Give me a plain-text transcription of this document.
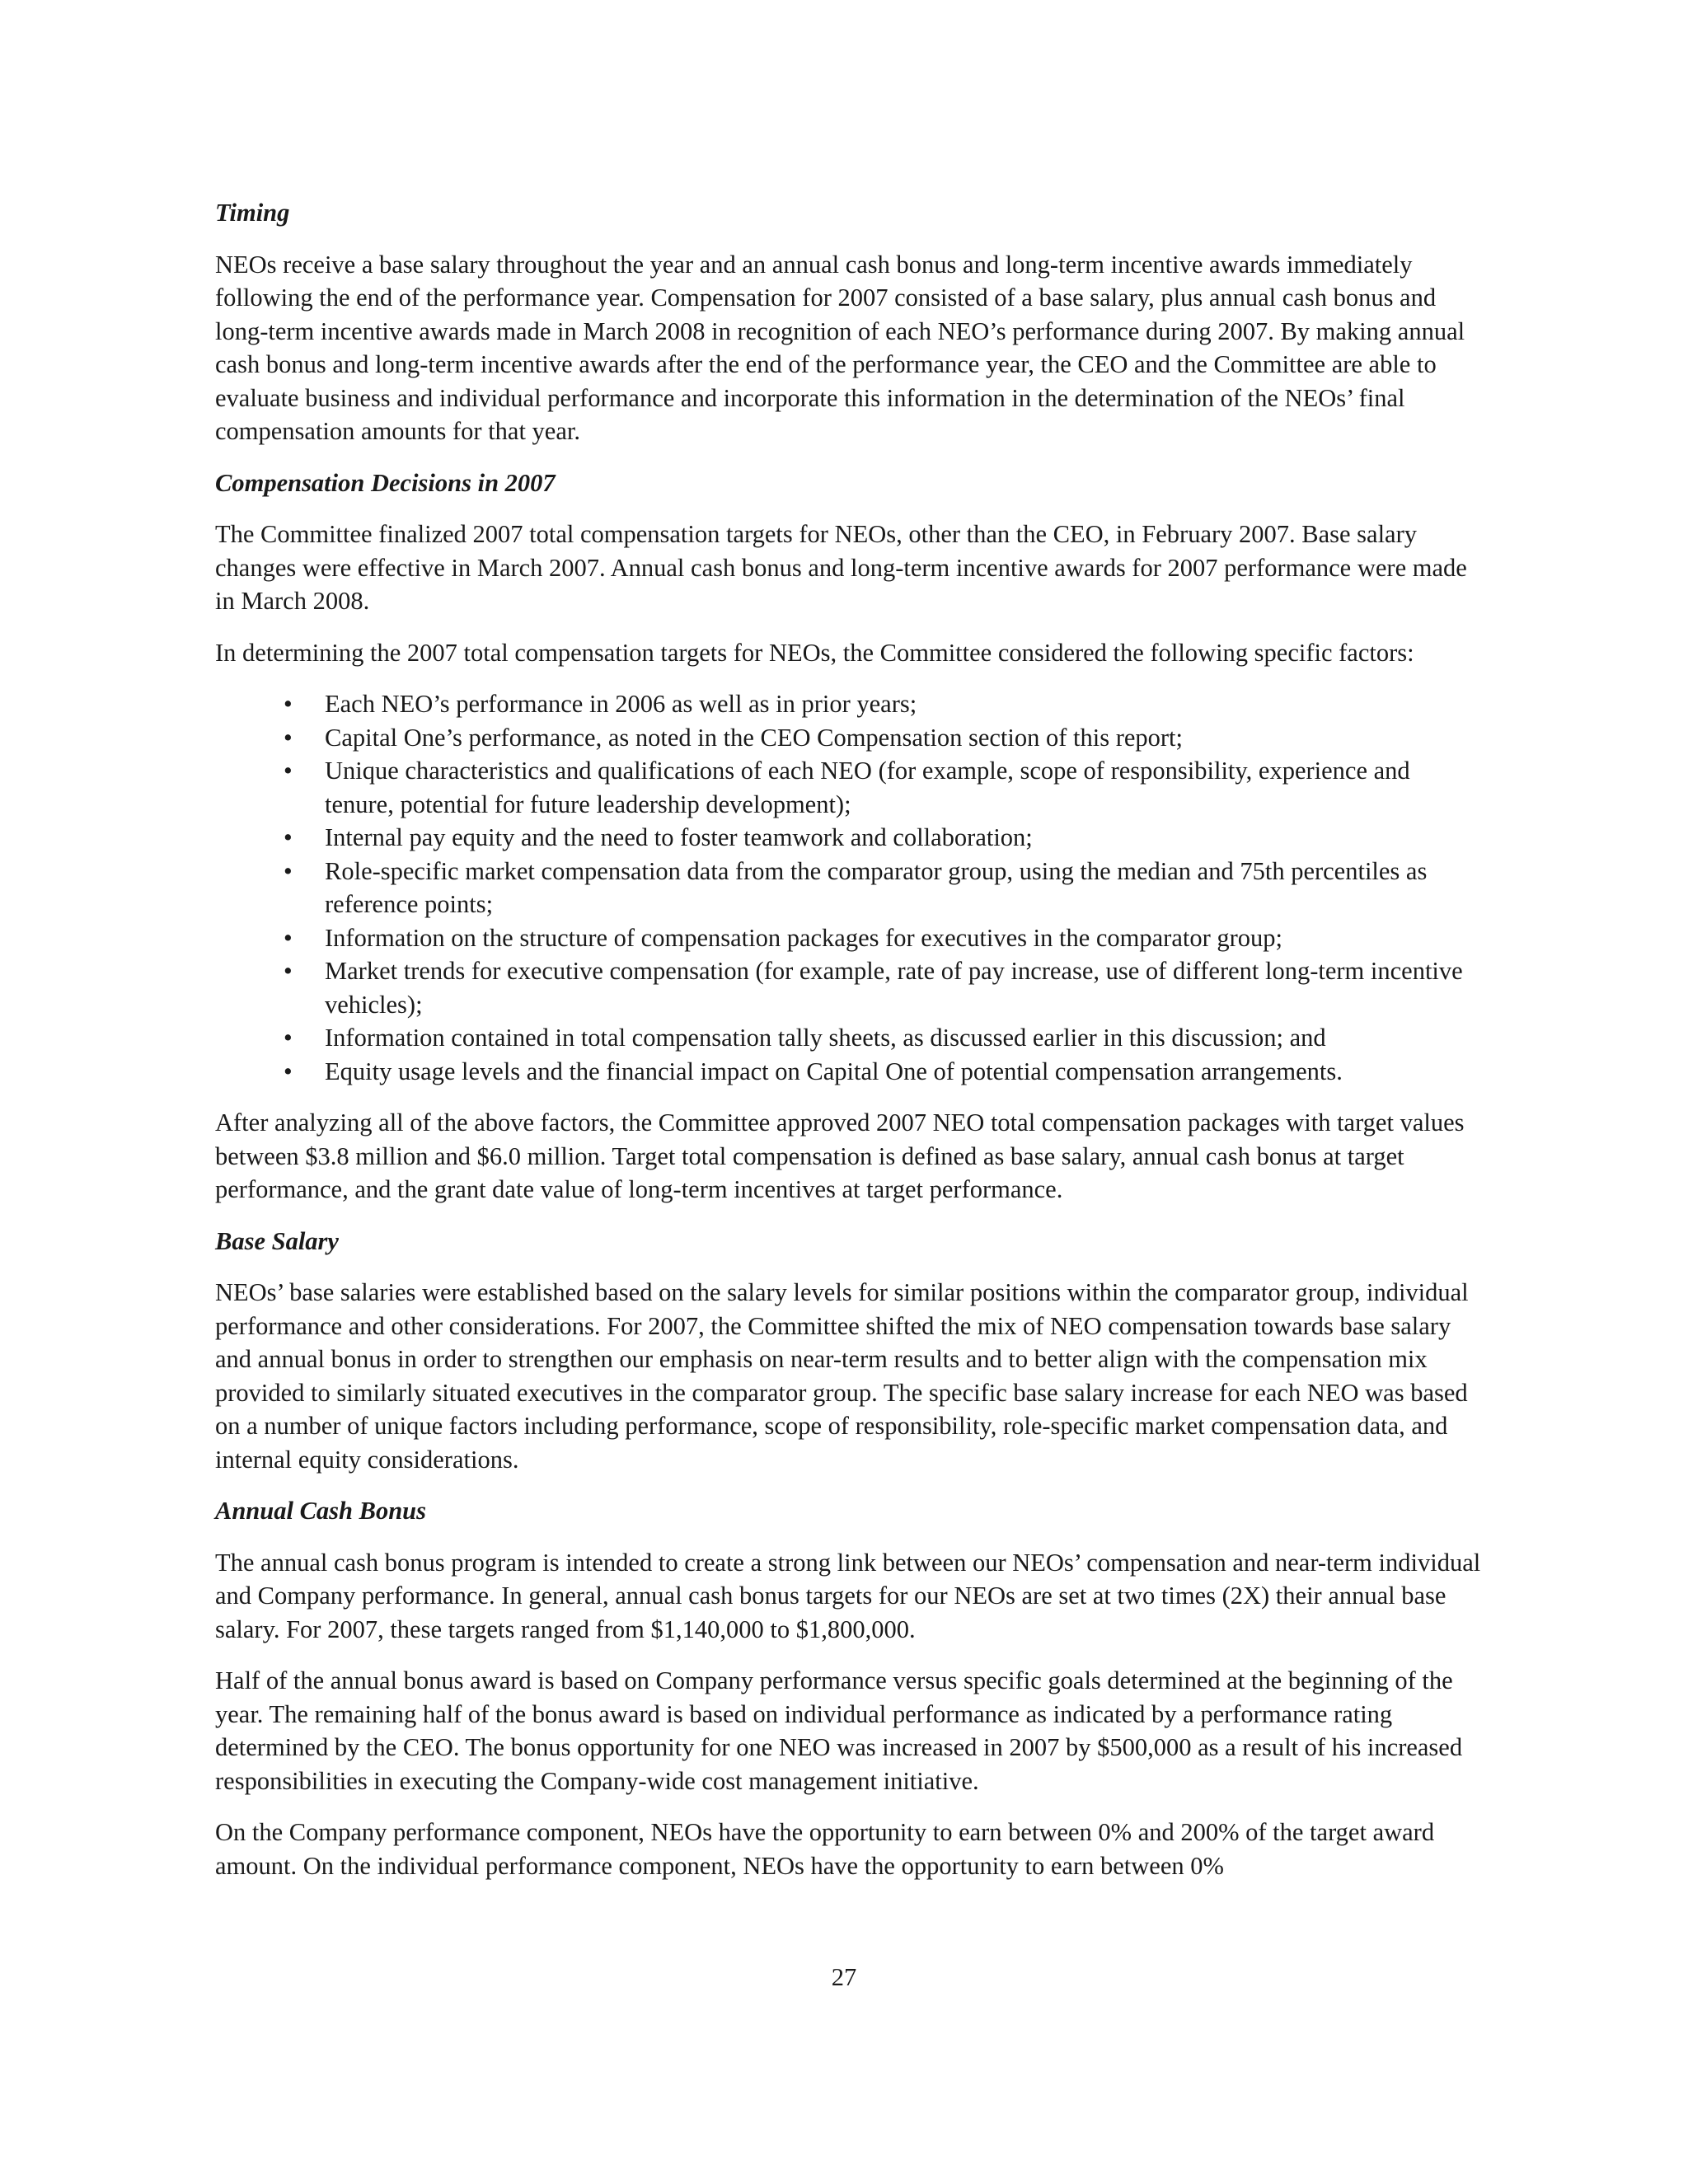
Timing

NEOs receive a base salary throughout the year and an annual cash bonus and long-term incentive awards immediately following the end of the performance year. Compensation for 2007 consisted of a base salary, plus annual cash bonus and long-term incentive awards made in March 2008 in recognition of each NEO’s performance during 2007. By making annual cash bonus and long-term incentive awards after the end of the performance year, the CEO and the Committee are able to evaluate business and individual performance and incorporate this information in the determination of the NEOs’ final compensation amounts for that year.

Compensation Decisions in 2007

The Committee finalized 2007 total compensation targets for NEOs, other than the CEO, in February 2007. Base salary changes were effective in March 2007. Annual cash bonus and long-term incentive awards for 2007 performance were made in March 2008.

In determining the 2007 total compensation targets for NEOs, the Committee considered the following specific factors:

• Each NEO’s performance in 2006 as well as in prior years;
• Capital One’s performance, as noted in the CEO Compensation section of this report;
• Unique characteristics and qualifications of each NEO (for example, scope of responsibility, experience and tenure, potential for future leadership development);
• Internal pay equity and the need to foster teamwork and collaboration;
• Role-specific market compensation data from the comparator group, using the median and 75th percentiles as reference points;
• Information on the structure of compensation packages for executives in the comparator group;
• Market trends for executive compensation (for example, rate of pay increase, use of different long-term incentive vehicles);
• Information contained in total compensation tally sheets, as discussed earlier in this discussion; and
• Equity usage levels and the financial impact on Capital One of potential compensation arrangements.

After analyzing all of the above factors, the Committee approved 2007 NEO total compensation packages with target values between $3.8 million and $6.0 million. Target total compensation is defined as base salary, annual cash bonus at target performance, and the grant date value of long-term incentives at target performance.

Base Salary

NEOs’ base salaries were established based on the salary levels for similar positions within the comparator group, individual performance and other considerations. For 2007, the Committee shifted the mix of NEO compensation towards base salary and annual bonus in order to strengthen our emphasis on near-term results and to better align with the compensation mix provided to similarly situated executives in the comparator group. The specific base salary increase for each NEO was based on a number of unique factors including performance, scope of responsibility, role-specific market compensation data, and internal equity considerations.

Annual Cash Bonus

The annual cash bonus program is intended to create a strong link between our NEOs’ compensation and near-term individual and Company performance. In general, annual cash bonus targets for our NEOs are set at two times (2X) their annual base salary. For 2007, these targets ranged from $1,140,000 to $1,800,000.

Half of the annual bonus award is based on Company performance versus specific goals determined at the beginning of the year. The remaining half of the bonus award is based on individual performance as indicated by a performance rating determined by the CEO. The bonus opportunity for one NEO was increased in 2007 by $500,000 as a result of his increased responsibilities in executing the Company-wide cost management initiative.

On the Company performance component, NEOs have the opportunity to earn between 0% and 200% of the target award amount. On the individual performance component, NEOs have the opportunity to earn between 0%

27
